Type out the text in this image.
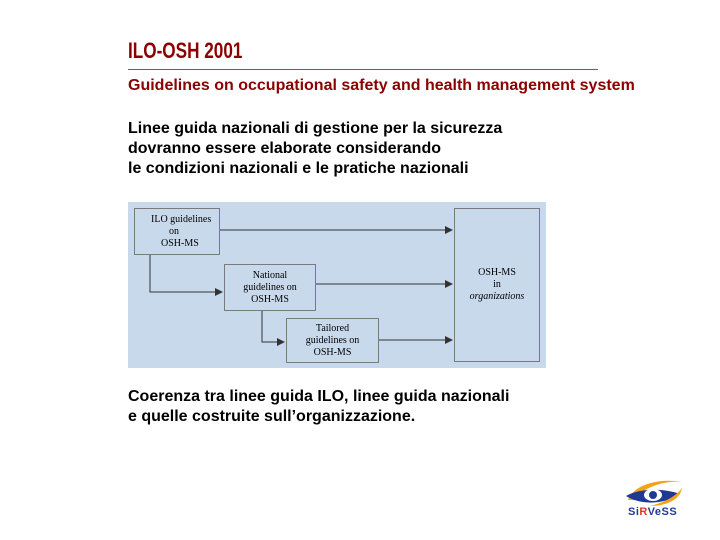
ILO-OSH 2001

Guidelines on occupational safety and health management system

Linee guida nazionali di gestione per la sicurezza
dovranno essere elaborate considerando
le condizioni nazionali e le pratiche nazionali

ILO guidelines
on
OSH-MS
National
guidelines on
OSH-MS
Tailored
guidelines on
OSH-MS
OSH-MS
in
organizations

Coerenza tra linee guida ILO, linee guida nazionali
e quelle costruite sull’organizzazione.

SiRVeSS
